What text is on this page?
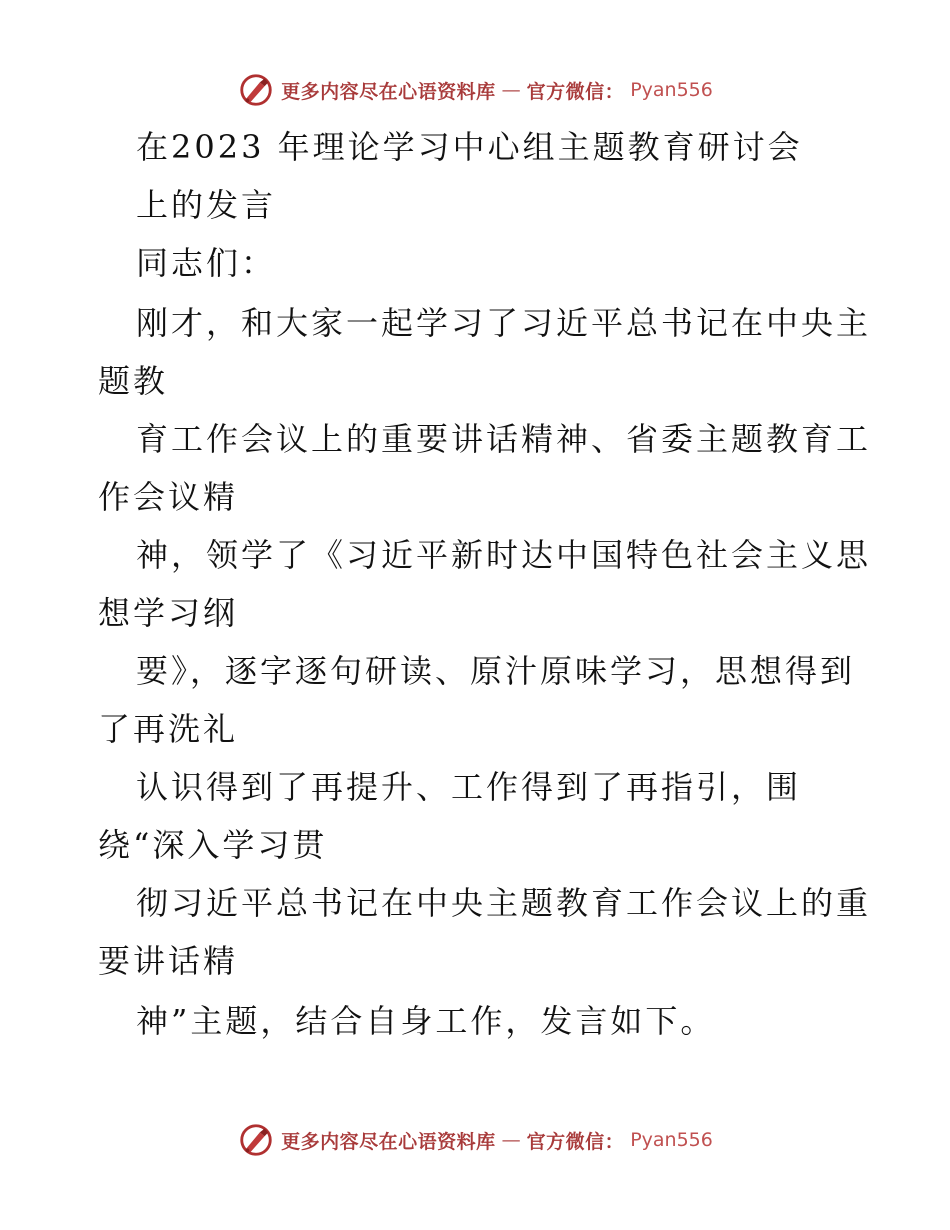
更多内容尽在心语资料库 — 官方微信： Pyan556
在2023 年理论学习中心组主题教育研讨会
上的发言
同志们：
刚才，和大家一起学习了习近平总书记在中央主
题教
育工作会议上的重要讲话精神、省委主题教育工
作会议精
神，领学了《习近平新时达中国特色社会主义思
想学习纲
要》，逐字逐句研读、原汁原味学习，思想得到
了再洗礼
认识得到了再提升、工作得到了再指引，围
绕“深入学习贯
彻习近平总书记在中央主题教育工作会议上的重
要讲话精
神”主题，结合自身工作，发言如下。
更多内容尽在心语资料库 — 官方微信： Pyan556
